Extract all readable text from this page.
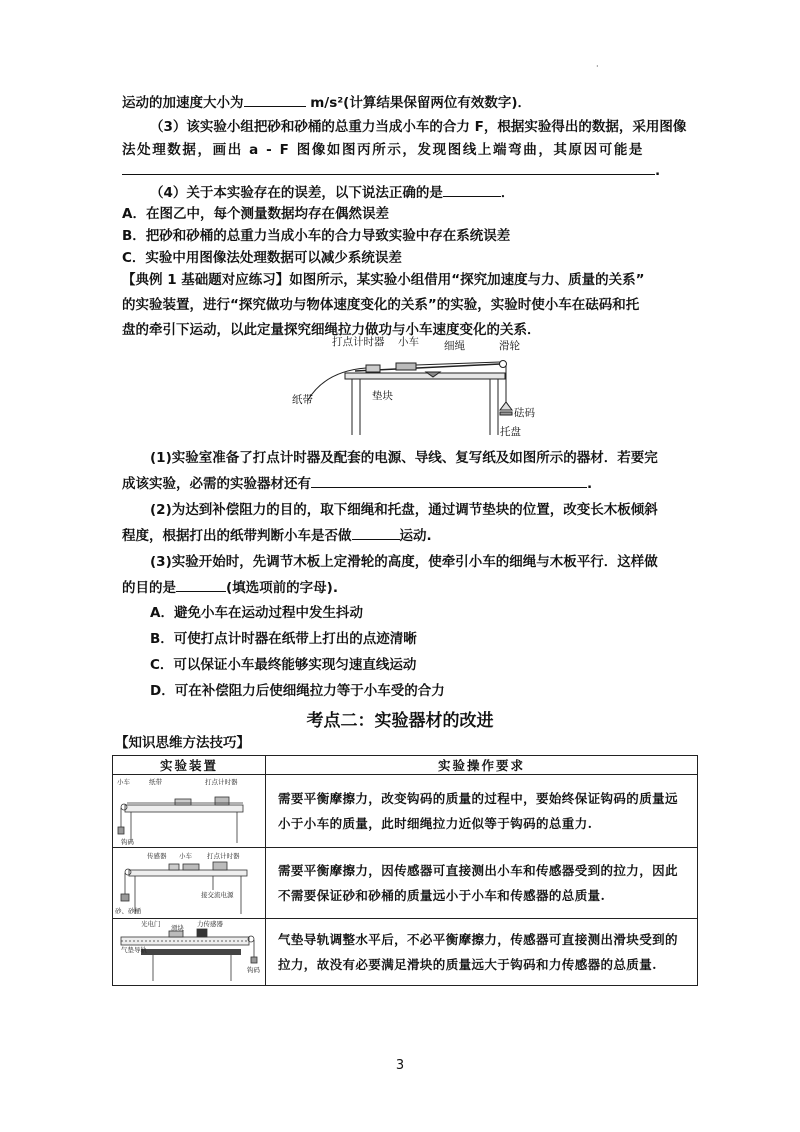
·
运动的加速度大小为	m/s²(计算结果保留两位有效数字)．
（3）该实验小组把砂和砂桶的总重力当成小车的合力 F，根据实验得出的数据，采用图像
法处理数据，画出 a - F 图像如图丙所示，发现图线上端弯曲，其原因可能是
.
（4）关于本实验存在的误差，以下说法正确的是	．
A．在图乙中，每个测量数据均存在偶然误差
B．把砂和砂桶的总重力当成小车的合力导致实验中存在系统误差
C．实验中用图像法处理数据可以减少系统误差
【典例 1 基础题对应练习】如图所示，某实验小组借用“探究加速度与力、质量的关系”
的实验装置，进行“探究做功与物体速度变化的关系”的实验，实验时使小车在砝码和托
盘的牵引下运动，以此定量探究细绳拉力做功与小车速度变化的关系．
打点计时器 小车 细绳	滑轮
纸带	垫块
砝码
托盘
(1)实验室准备了打点计时器及配套的电源、导线、复写纸及如图所示的器材．若要完
成该实验，必需的实验器材还有	.
(2)为达到补偿阻力的目的，取下细绳和托盘，通过调节垫块的位置，改变长木板倾斜
程度，根据打出的纸带判断小车是否做	运动.
(3)实验开始时，先调节木板上定滑轮的高度，使牵引小车的细绳与木板平行．这样做
的目的是	(填选项前的字母).
A．避免小车在运动过程中发生抖动
B．可使打点计时器在纸带上打出的点迹清晰
C．可以保证小车最终能够实现匀速直线运动
D．可在补偿阻力后使细绳拉力等于小车受的合力
考点二：实验器材的改进
【知识思维方法技巧】
实验装置	实验操作要求

小车 纸带 打点计时器
钩码	需要平衡摩擦力，改变钩码的质量的过程中，要始终保证钩码的质量远小于小车的质量，此时细绳拉力近似等于钩码的总重力.

传感器 小车 打点计时器
接交流电源
砂、砂桶	需要平衡摩擦力，因传感器可直接测出小车和传感器受到的拉力，因此不需要保证砂和砂桶的质量远小于小车和传感器的总质量.

光电门 力传感器
滑块
气垫导轨
钩码	气垫导轨调整水平后，不必平衡摩擦力，传感器可直接测出滑块受到的拉力，故没有必要满足滑块的质量远大于钩码和力传感器的总质量.
3
